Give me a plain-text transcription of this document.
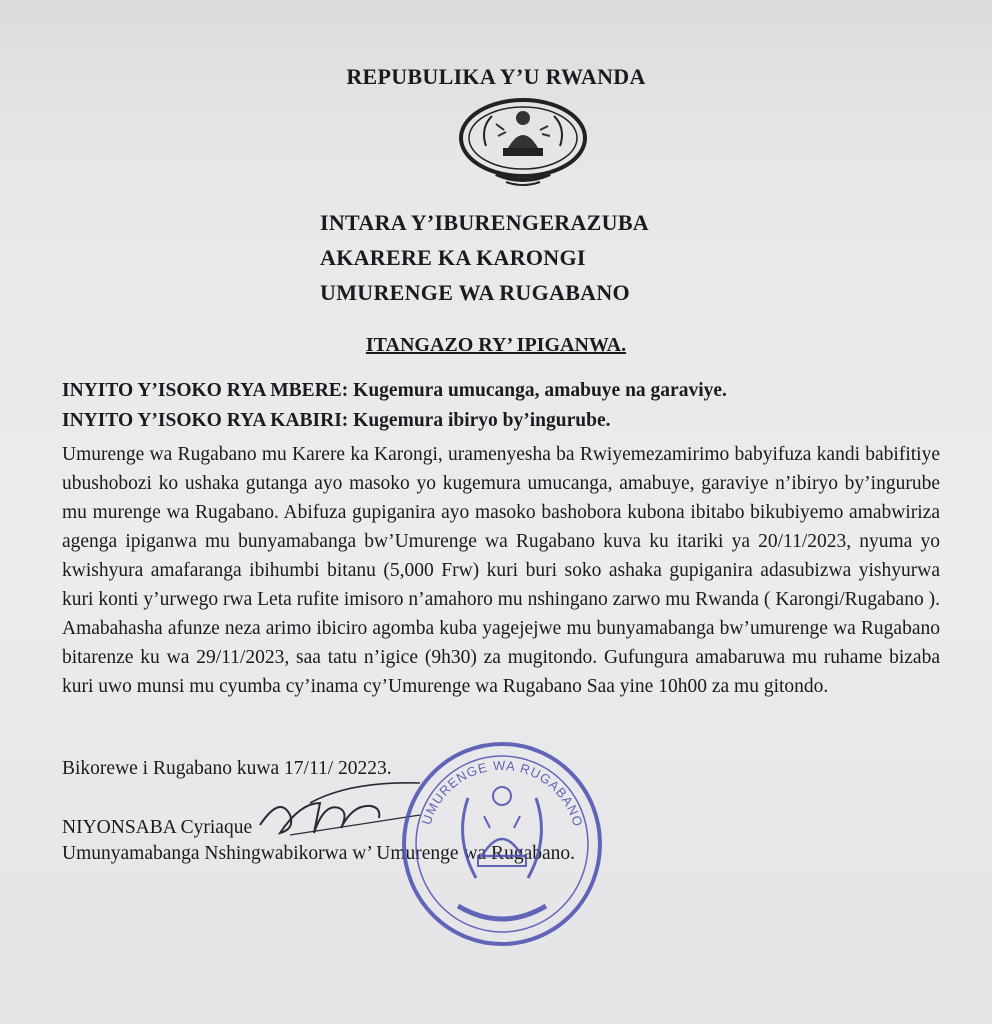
REPUBULIKA Y’U RWANDA
INTARA Y’IBURENGERAZUBA
AKARERE KA KARONGI
UMURENGE WA RUGABANO
ITANGAZO RY’ IPIGANWA.
INYITO Y’ISOKO RYA MBERE: Kugemura umucanga, amabuye na garaviye.
INYITO Y’ISOKO RYA KABIRI: Kugemura ibiryo by’ingurube.
Umurenge wa Rugabano mu Karere ka Karongi, uramenyesha ba Rwiyemezamirimo babyifuza kandi babifitiye ubushobozi ko ushaka gutanga ayo masoko yo kugemura umucanga, amabuye, garaviye n’ibiryo by’ingurube mu murenge wa Rugabano. Abifuza gupiganira ayo masoko bashobora kubona ibitabo bikubiyemo amabwiriza agenga ipiganwa mu bunyamabanga bw’Umurenge wa Rugabano kuva ku itariki ya 20/11/2023, nyuma yo kwishyura amafaranga ibihumbi bitanu (5,000 Frw) kuri buri soko ashaka gupiganira adasubizwa yishyurwa kuri konti y’urwego rwa Leta rufite imisoro n’amahoro mu nshingano zarwo mu Rwanda ( Karongi/Rugabano ). Amabahasha afunze neza arimo ibiciro agomba kuba yagejejwe mu bunyamabanga bw’umurenge wa Rugabano bitarenze ku wa 29/11/2023, saa tatu n’igice (9h30) za mugitondo. Gufungura amabaruwa mu ruhame bizaba kuri uwo munsi mu cyumba cy’inama cy’Umurenge wa Rugabano Saa yine 10h00 za mu gitondo.
Bikorewe i Rugabano kuwa 17/11/ 20223.
NIYONSABA Cyriaque
Umunyamabanga Nshingwabikorwa w’ Umurenge wa Rugabano.
UMURENGE WA RUGABANO
